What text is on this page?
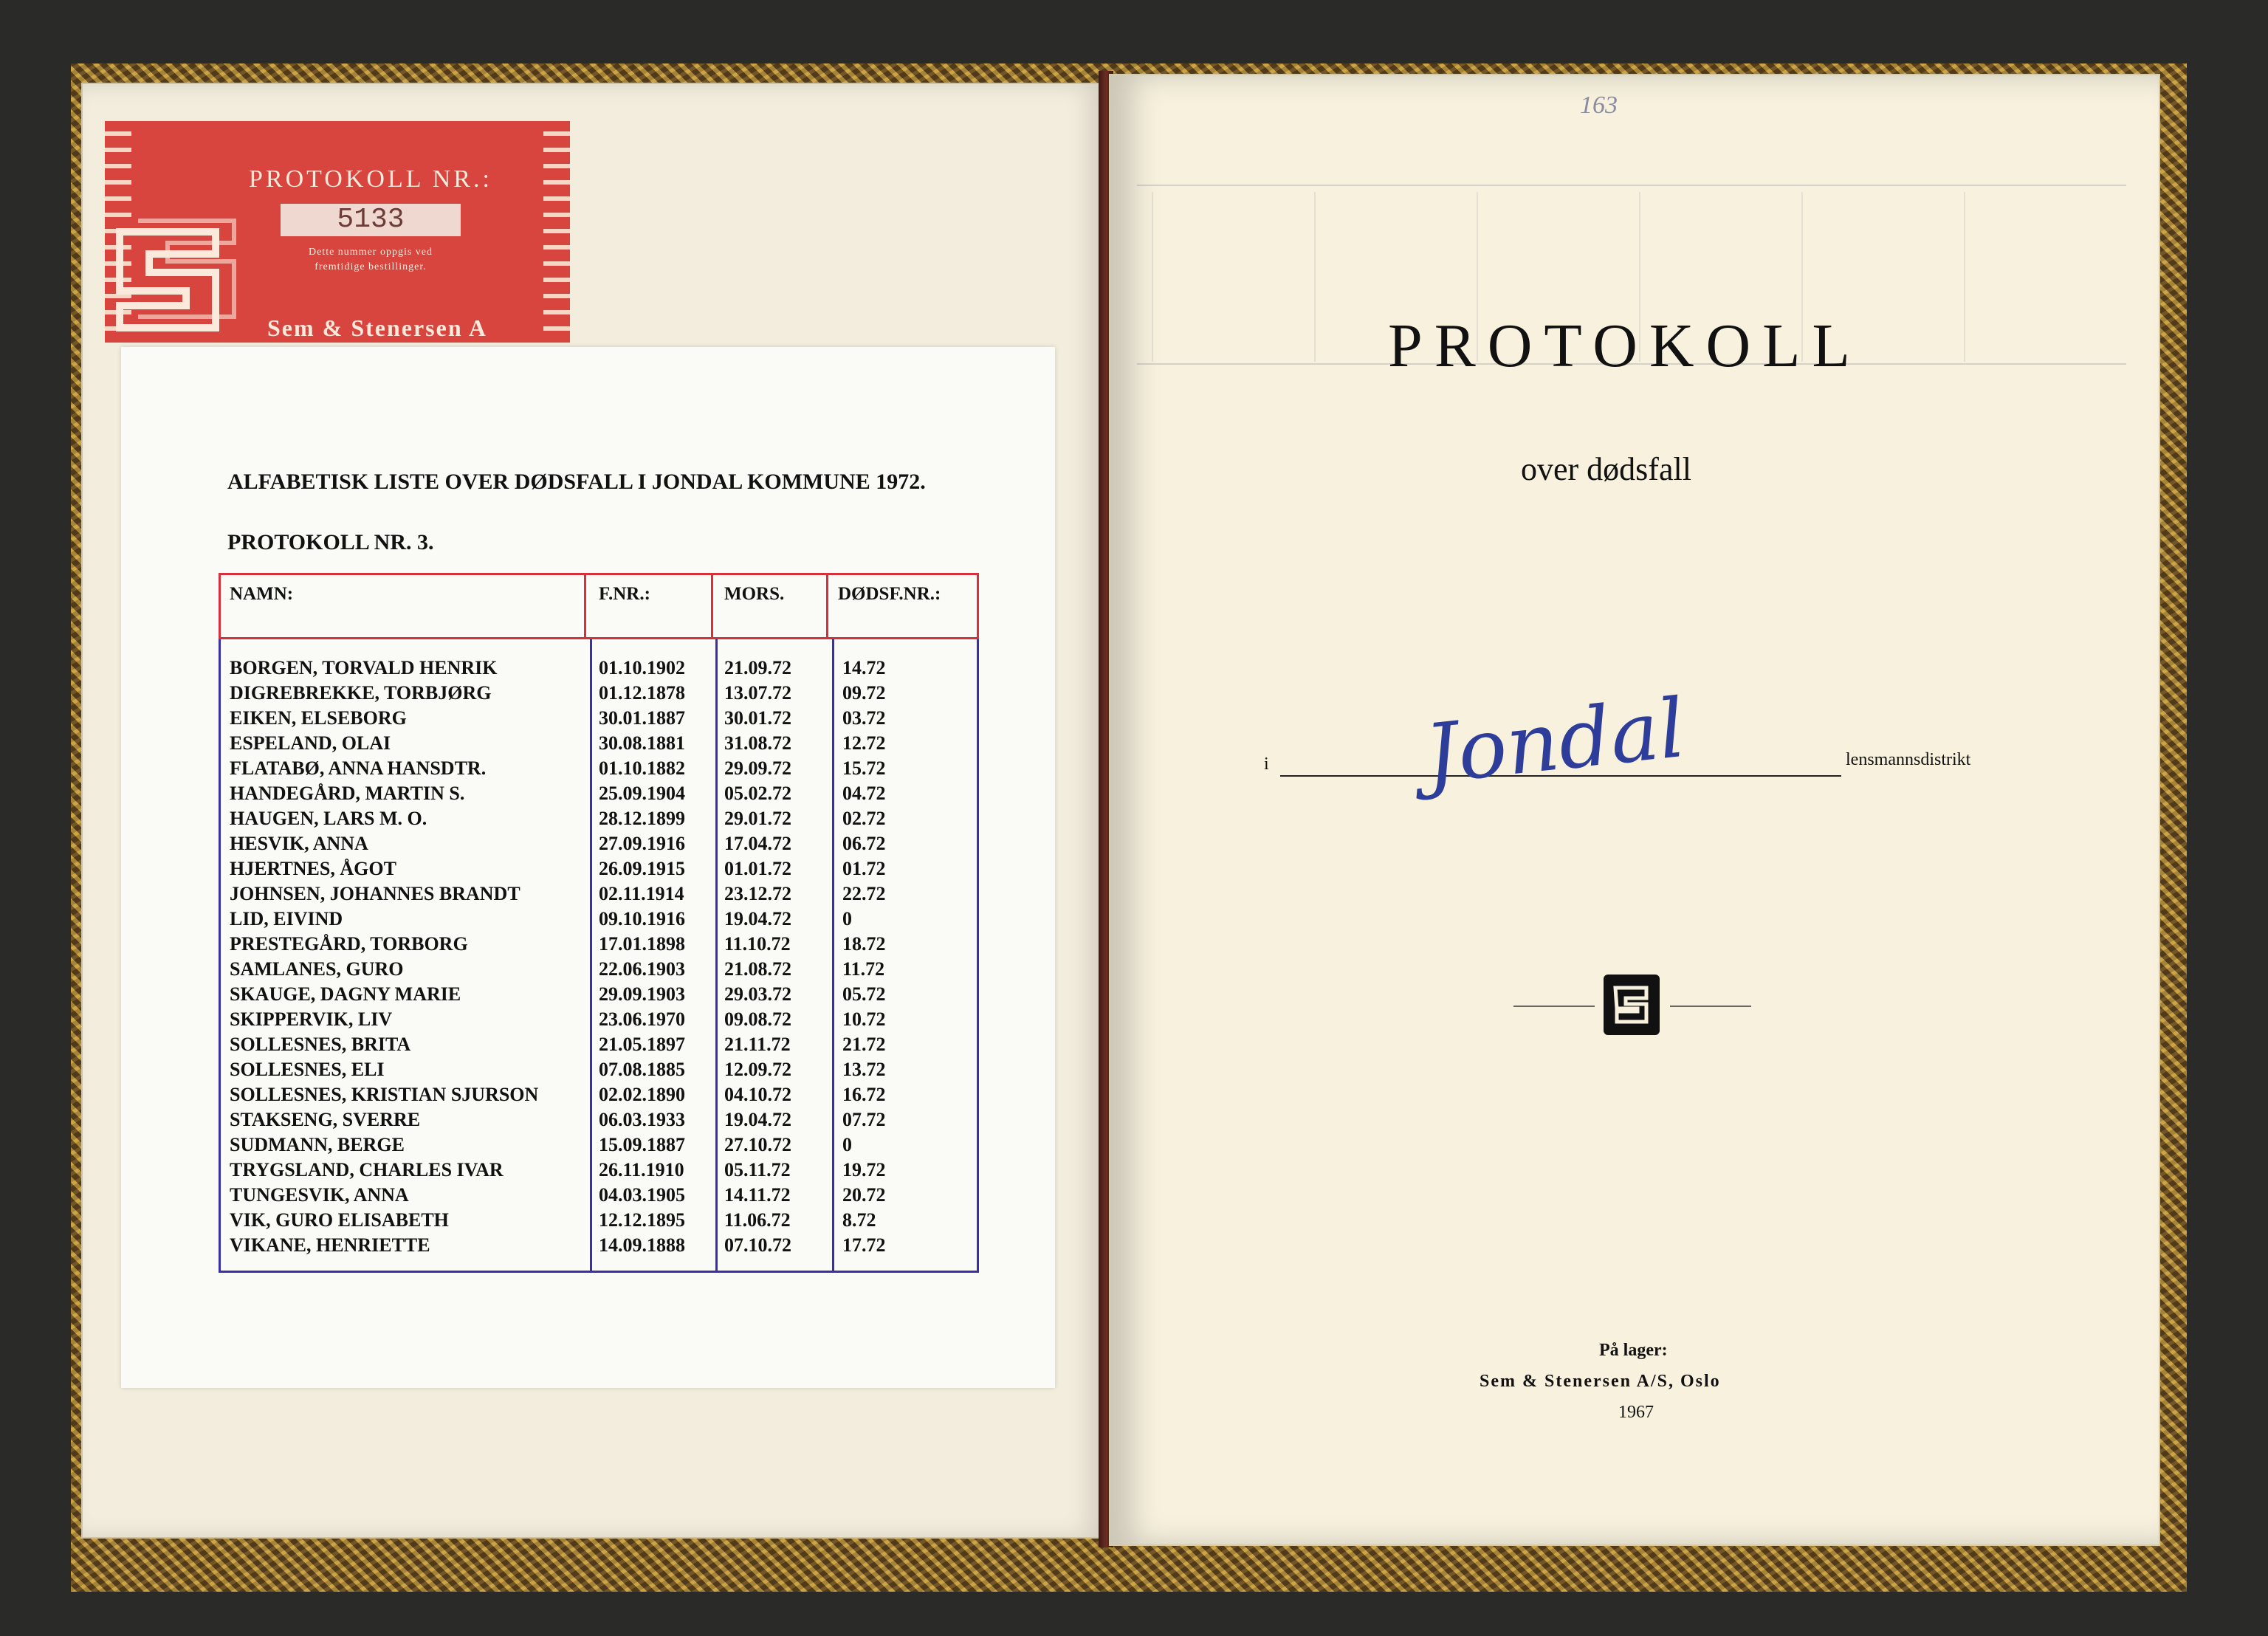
PROTOKOLL NR.:
5133
Dette nummer oppgis ved
fremtidige bestillinger.
Sem & Stenersen A
ALFABETISK LISTE OVER DØDSFALL I JONDAL KOMMUNE 1972.
PROTOKOLL NR. 3.
NAMN:	F.NR.:	MORS.	DØDSF.NR.:
BORGEN, TORVALD HENRIK	01.10.1902 21.09.72	14.72
DIGREBREKKE, TORBJØRG	01.12.1878 13.07.72	09.72
EIKEN, ELSEBORG	30.01.1887 30.01.72	03.72
ESPELAND, OLAI	30.08.1881 31.08.72	12.72
FLATABØ, ANNA HANSDTR.	01.10.1882 29.09.72	15.72
HANDEGÅRD, MARTIN S.	25.09.1904 05.02.72	04.72
HAUGEN, LARS M. O.	28.12.1899 29.01.72	02.72
HESVIK, ANNA	27.09.1916 17.04.72	06.72
HJERTNES, ÅGOT	26.09.1915 01.01.72	01.72
JOHNSEN, JOHANNES BRANDT	02.11.1914 23.12.72	22.72
LID, EIVIND	09.10.1916 19.04.72	0
PRESTEGÅRD, TORBORG	17.01.1898 11.10.72	18.72
SAMLANES, GURO	22.06.1903 21.08.72	11.72
SKAUGE, DAGNY MARIE	29.09.1903 29.03.72	05.72
SKIPPERVIK, LIV	23.06.1970 09.08.72	10.72
SOLLESNES, BRITA	21.05.1897 21.11.72	21.72
SOLLESNES, ELI	07.08.1885 12.09.72	13.72
SOLLESNES, KRISTIAN SJURSON	02.02.1890 04.10.72	16.72
STAKSENG, SVERRE	06.03.1933 19.04.72	07.72
SUDMANN, BERGE	15.09.1887 27.10.72	0
TRYGSLAND, CHARLES IVAR	26.11.1910 05.11.72	19.72
TUNGESVIK, ANNA	04.03.1905 14.11.72	20.72
VIK, GURO ELISABETH	12.12.1895 11.06.72	8.72
VIKANE, HENRIETTE	14.09.1888 07.10.72	17.72
163
PROTOKOLL
over dødsfall
i Jondal	lensmannsdistrikt
På lager:
Sem & Stenersen A/S, Oslo
1967
